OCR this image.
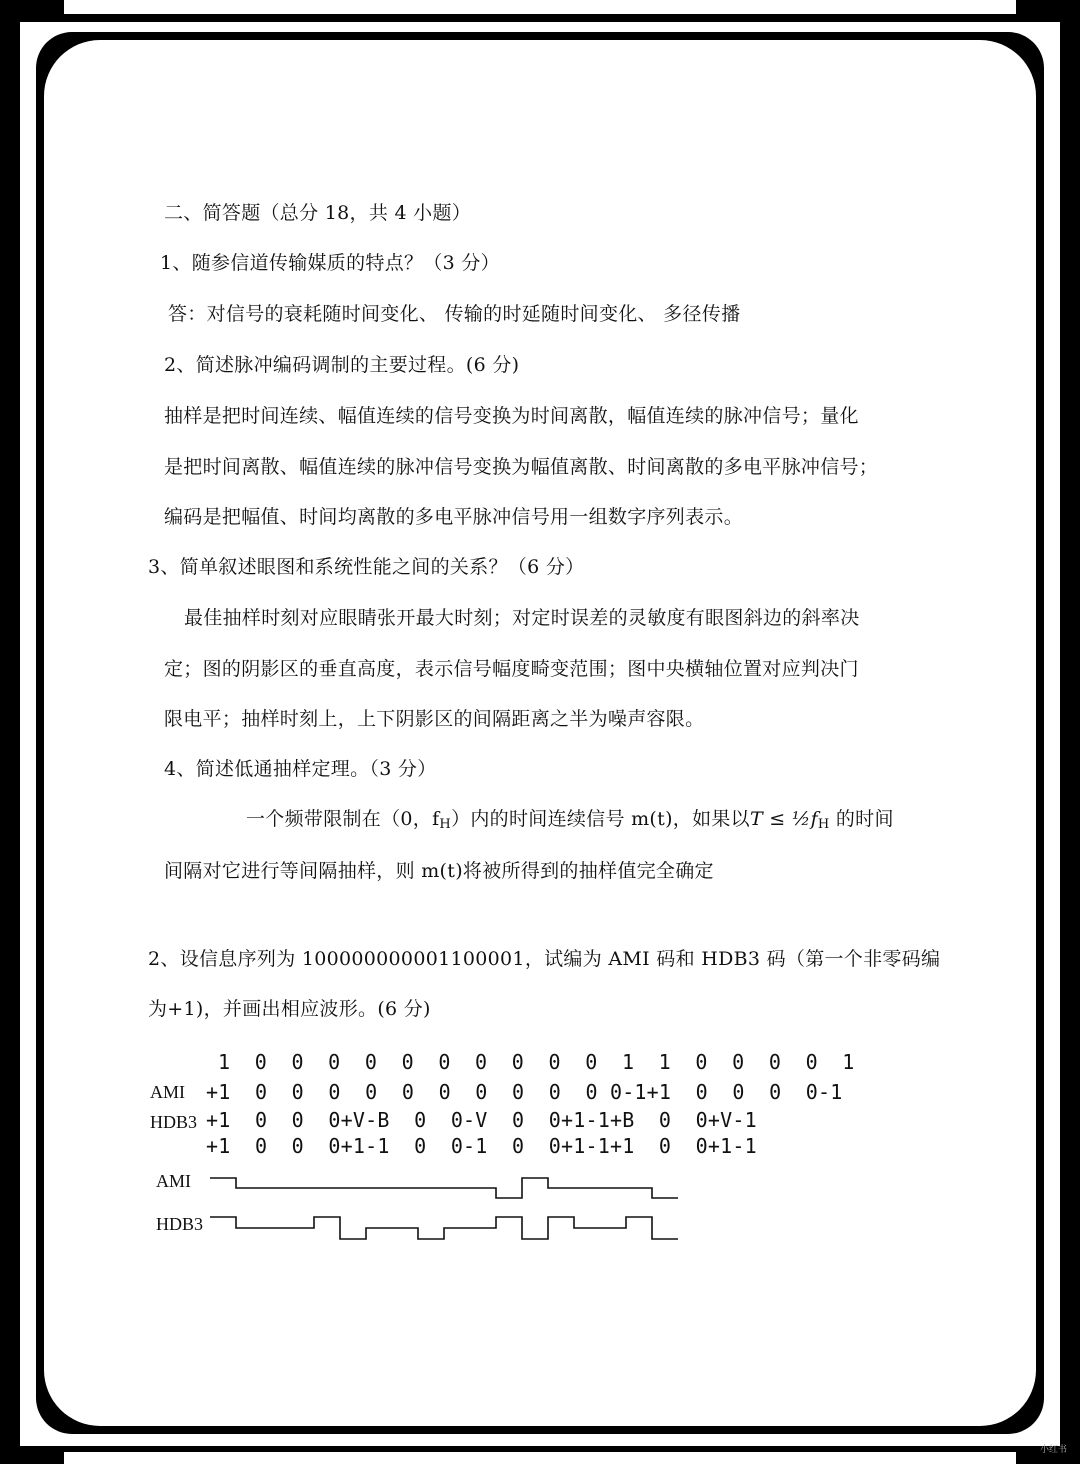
二、简答题（总分 18，共 4 小题）
1、随参信道传输媒质的特点？（3 分）
答：对信号的衰耗随时间变化、 传输的时延随时间变化、 多径传播
2、简述脉冲编码调制的主要过程。(6 分)
抽样是把时间连续、幅值连续的信号变换为时间离散，幅值连续的脉冲信号；量化
是把时间离散、幅值连续的脉冲信号变换为幅值离散、时间离散的多电平脉冲信号；
编码是把幅值、时间均离散的多电平脉冲信号用一组数字序列表示。
3、简单叙述眼图和系统性能之间的关系？（6 分）
最佳抽样时刻对应眼睛张开最大时刻；对定时误差的灵敏度有眼图斜边的斜率决
定；图的阴影区的垂直高度，表示信号幅度畸变范围；图中央横轴位置对应判决门
限电平；抽样时刻上，上下阴影区的间隔距离之半为噪声容限。
4、简述低通抽样定理。（3 分）
一个频带限制在（0，$f_H$）内的时间连续信号 m(t)，如果以$T \le \frac{1}{2}f_H$ 的时间
间隔对它进行等间隔抽样，则 m(t)将被所得到的抽样值完全确定
2、设信息序列为 100000000001100001，试编为 AMI 码和 HDB3 码（第一个非零码编
为+1)，并画出相应波形。(6 分)
1  0  0  0  0  0  0  0  0  0  0  1  1  0  0  0  0  1
AMI +1  0  0  0  0  0  0  0  0  0  0 0-1+1  0  0  0  0-1
HDB3 +1  0  0  0+V-B  0  0-V  0  0+1-1+B  0  0+V-1
+1  0  0  0+1-1  0  0-1  0  0+1-1+1  0  0+1-1
AMI
HDB3
小红书
